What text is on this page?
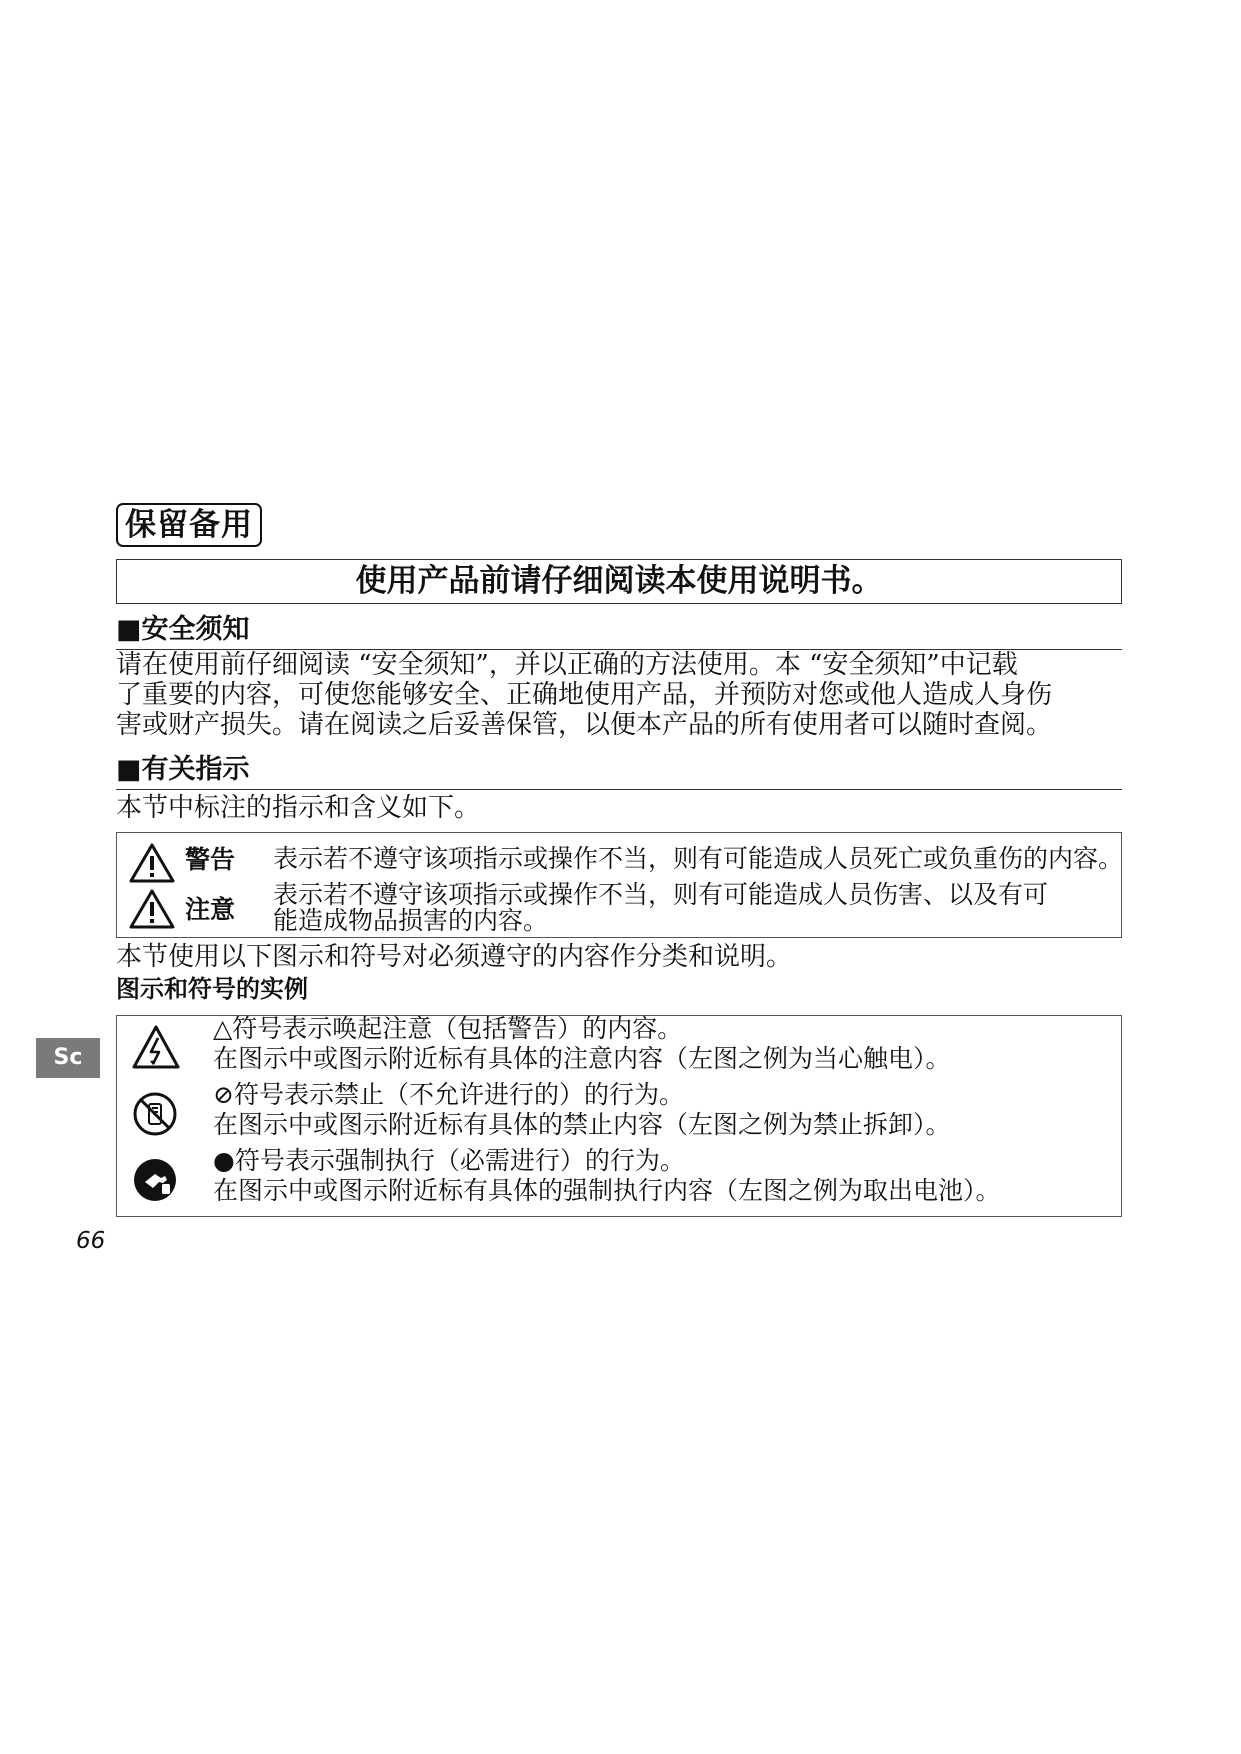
保留备用
使用产品前请仔细阅读本使用说明书。
■安全须知
请在使用前仔细阅读 “安全须知”，并以正确的方法使用。本 “安全须知”中记载
了重要的内容，可使您能够安全、正确地使用产品，并预防对您或他人造成人身伤
害或财产损失。请在阅读之后妥善保管，以便本产品的所有使用者可以随时查阅。
■有关指示
本节中标注的指示和含义如下。
警告 表示若不遵守该项指示或操作不当，则有可能造成人员死亡或负重伤的内容。
注意
表示若不遵守该项指示或操作不当，则有可能造成人员伤害、以及有可
能造成物品损害的内容。
本节使用以下图示和符号对必须遵守的内容作分类和说明。
图示和符号的实例
△符号表示唤起注意（包括警告）的内容。
在图示中或图示附近标有具体的注意内容（左图之例为当心触电）。
⊘符号表示禁止（不允许进行的）的行为。
在图示中或图示附近标有具体的禁止内容（左图之例为禁止拆卸）。
●符号表示强制执行（必需进行）的行为。
在图示中或图示附近标有具体的强制执行内容（左图之例为取出电池）。
Sc
66
